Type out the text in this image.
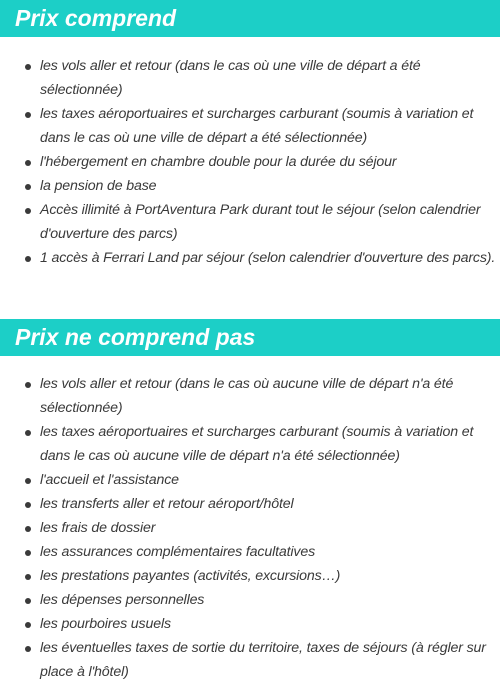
Prix comprend
les vols aller et retour (dans le cas où une ville de départ a été sélectionnée)
les taxes aéroportuaires et surcharges carburant (soumis à variation et dans le cas où une ville de départ a été sélectionnée)
l'hébergement en chambre double pour la durée du séjour
la pension de base
Accès illimité à PortAventura Park durant tout le séjour (selon calendrier d'ouverture des parcs)
1 accès à Ferrari Land par séjour (selon calendrier d'ouverture des parcs).
Prix ne comprend pas
les vols aller et retour (dans le cas où aucune ville de départ n'a été sélectionnée)
les taxes aéroportuaires et surcharges carburant (soumis à variation et dans le cas où aucune ville de départ n'a été sélectionnée)
l'accueil et l'assistance
les transferts aller et retour aéroport/hôtel
les frais de dossier
les assurances complémentaires facultatives
les prestations payantes (activités, excursions…)
les dépenses personnelles
les pourboires usuels
les éventuelles taxes de sortie du territoire, taxes de séjours (à régler sur place à l'hôtel)
